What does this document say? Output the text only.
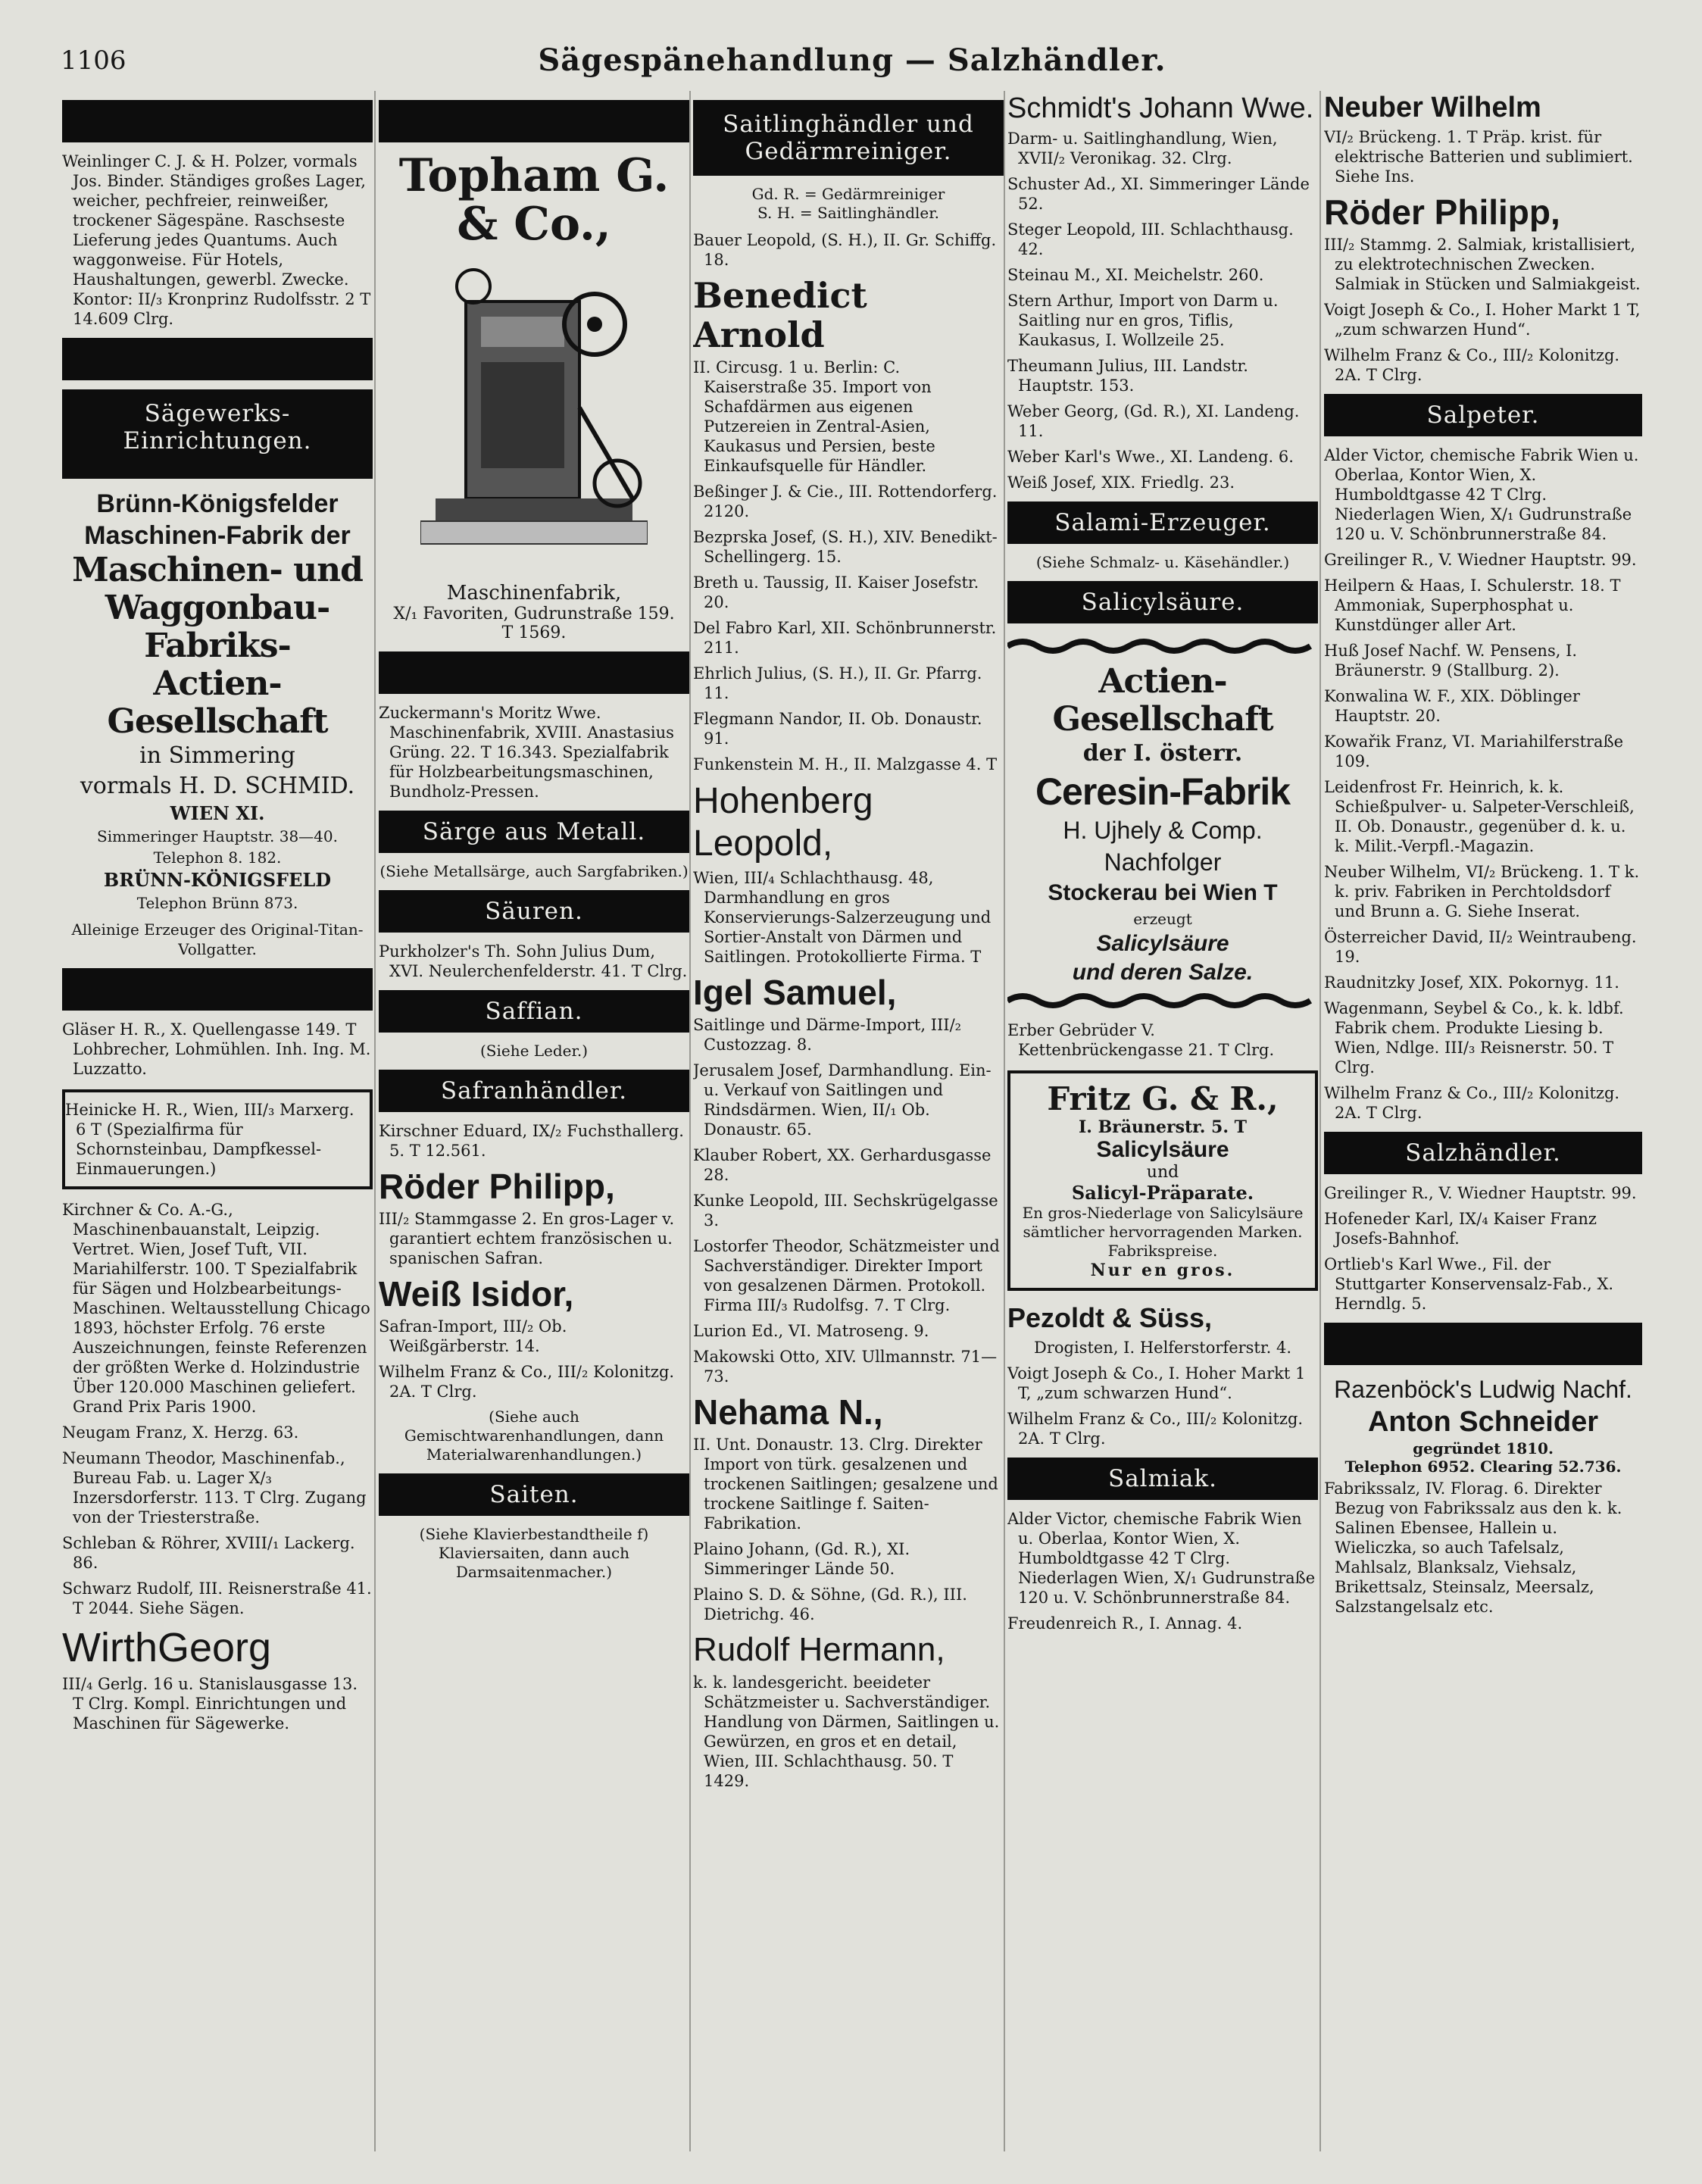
1106	Sägespänehandlung — Salzhändler.
Weinlinger C. J. & H. Polzer, vormals Jos. Binder. Ständiges großes Lager, weicher, pechfreier, reinweißer, trockener Sägespäne. Raschseste Lieferung jedes Quantums. Auch waggonweise. Für Hotels, Haushaltungen, gewerbl. Zwecke. Kontor: II/₃ Kronprinz Rudolfsstr. 2 T 14.609 Clrg.
Sägewerks-
Einrichtungen.
Brünn-Königsfelder
Maschinen-Fabrik der
Maschinen- und
Waggonbau-Fabriks-
Actien-Gesellschaft
in Simmering
vormals H. D. SCHMID.
WIEN XI.
Simmeringer Hauptstr. 38—40.
Telephon 8. 182.
BRÜNN-KÖNIGSFELD
Telephon Brünn 873.
Alleinige Erzeuger des Original-Titan-Vollgatter.
Gläser H. R., X. Quellengasse 149. T Lohbrecher, Lohmühlen. Inh. Ing. M. Luzzatto.
Heinicke H. R., Wien, III/₃ Marxerg. 6 T (Spezialfirma für Schornsteinbau, Dampfkessel-Einmauerungen.)
Kirchner & Co. A.-G., Maschinenbauanstalt, Leipzig. Vertret. Wien, Josef Tuft, VII. Mariahilferstr. 100. T Spezialfabrik für Sägen und Holzbearbeitungs-Maschinen. Weltausstellung Chicago 1893, höchster Erfolg. 76 erste Auszeichnungen, feinste Referenzen der größten Werke d. Holzindustrie Über 120.000 Maschinen geliefert. Grand Prix Paris 1900.
Neugam Franz, X. Herzg. 63.
Neumann Theodor, Maschinenfab., Bureau Fab. u. Lager X/₃ Inzersdorferstr. 113. T Clrg. Zugang von der Triesterstraße.
Schleban & Röhrer, XVIII/₁ Lackerg. 86.
Schwarz Rudolf, III. Reisnerstraße 41. T 2044. Siehe Sägen.
WirthGeorg
III/₄ Gerlg. 16 u. Stanislausgasse 13. T Clrg. Kompl. Einrichtungen und Maschinen für Sägewerke.
Topham G.
& Co.,
Maschinenfabrik,
X/₁ Favoriten, Gudrunstraße 159.
T 1569.
Zuckermann's Moritz Wwe. Maschinenfabrik, XVIII. Anastasius Grüng. 22. T 16.343. Spezialfabrik für Holzbearbeitungsmaschinen, Bundholz-Pressen.
Särge aus Metall.
(Siehe Metallsärge, auch Sargfabriken.)
Säuren.
Purkholzer's Th. Sohn Julius Dum, XVI. Neulerchenfelderstr. 41. T Clrg.
Saffian.
(Siehe Leder.)
Safranhändler.
Kirschner Eduard, IX/₂ Fuchsthallerg. 5. T 12.561.
Röder Philipp,
III/₂ Stammgasse 2. En gros-Lager v. garantiert echtem französischen u. spanischen Safran.
Weiß Isidor,
Safran-Import, III/₂ Ob. Weißgärberstr. 14.
Wilhelm Franz & Co., III/₂ Kolonitzg. 2A. T Clrg.
(Siehe auch Gemischtwarenhandlungen, dann Materialwarenhandlungen.)
Saiten.
(Siehe Klavierbestandtheile f) Klaviersaiten, dann auch Darmsaitenmacher.)
Saitlinghändler und
Gedärmreiniger.
Gd. R. = Gedärmreiniger
S. H. = Saitlinghändler.
Bauer Leopold, (S. H.), II. Gr. Schiffg. 18.
Benedict Arnold
II. Circusg. 1 u. Berlin: C. Kaiserstraße 35. Import von Schafdärmen aus eigenen Putzereien in Zentral-Asien, Kaukasus und Persien, beste Einkaufsquelle für Händler.
Beßinger J. & Cie., III. Rottendorferg. 2120.
Bezprska Josef, (S. H.), XIV. Benedikt-Schellingerg. 15.
Breth u. Taussig, II. Kaiser Josefstr. 20.
Del Fabro Karl, XII. Schönbrunnerstr. 211.
Ehrlich Julius, (S. H.), II. Gr. Pfarrg. 11.
Flegmann Nandor, II. Ob. Donaustr. 91.
Funkenstein M. H., II. Malzgasse 4. T
Hohenberg Leopold,
Wien, III/₄ Schlachthausg. 48, Darmhandlung en gros Konservierungs-Salzerzeugung und Sortier-Anstalt von Därmen und Saitlingen. Protokollierte Firma. T
Igel Samuel,
Saitlinge und Därme-Import, III/₂ Custozzag. 8.
Jerusalem Josef, Darmhandlung. Ein- u. Verkauf von Saitlingen und Rindsdärmen. Wien, II/₁ Ob. Donaustr. 65.
Klauber Robert, XX. Gerhardusgasse 28.
Kunke Leopold, III. Sechskrügelgasse 3.
Lostorfer Theodor, Schätzmeister und Sachverständiger. Direkter Import von gesalzenen Därmen. Protokoll. Firma III/₃ Rudolfsg. 7. T Clrg.
Lurion Ed., VI. Matroseng. 9.
Makowski Otto, XIV. Ullmannstr. 71—73.
Nehama N.,
II. Unt. Donaustr. 13. Clrg. Direkter Import von türk. gesalzenen und trockenen Saitlingen; gesalzene und trockene Saitlinge f. Saiten-Fabrikation.
Plaino Johann, (Gd. R.), XI. Simmeringer Lände 50.
Plaino S. D. & Söhne, (Gd. R.), III. Dietrichg. 46.
Rudolf Hermann,
k. k. landesgericht. beeideter Schätzmeister u. Sachverständiger. Handlung von Därmen, Saitlingen u. Gewürzen, en gros et en detail, Wien, III. Schlachthausg. 50. T 1429.
Schmidt's Johann Wwe.
Darm- u. Saitlinghandlung, Wien, XVII/₂ Veronikag. 32. Clrg.
Schuster Ad., XI. Simmeringer Lände 52.
Steger Leopold, III. Schlachthausg. 42.
Steinau M., XI. Meichelstr. 260.
Stern Arthur, Import von Darm u. Saitling nur en gros, Tiflis, Kaukasus, I. Wollzeile 25.
Theumann Julius, III. Landstr. Hauptstr. 153.
Weber Georg, (Gd. R.), XI. Landeng. 11.
Weber Karl's Wwe., XI. Landeng. 6.
Weiß Josef, XIX. Friedlg. 23.
Salami-Erzeuger.
(Siehe Schmalz- u. Käsehändler.)
Salicylsäure.
Actien-Gesellschaft
der I. österr.
Ceresin-Fabrik
H. Ujhely & Comp. Nachfolger
Stockerau bei Wien T
erzeugt
Salicylsäure
und deren Salze.
Erber Gebrüder V. Kettenbrückengasse 21. T Clrg.
Fritz G. & R.,
I. Bräunerstr. 5. T
Salicylsäure
und
Salicyl-Präparate.
En gros-Niederlage von Salicylsäure sämtlicher hervorragenden Marken. Fabrikspreise.
Nur en gros.
Pezoldt & Süss,
Drogisten, I. Helferstorferstr. 4.
Voigt Joseph & Co., I. Hoher Markt 1 T, „zum schwarzen Hund“.
Wilhelm Franz & Co., III/₂ Kolonitzg. 2A. T Clrg.
Salmiak.
Alder Victor, chemische Fabrik Wien u. Oberlaa, Kontor Wien, X. Humboldtgasse 42 T Clrg. Niederlagen Wien, X/₁ Gudrunstraße 120 u. V. Schönbrunnerstraße 84.
Freudenreich R., I. Annag. 4.
Neuber Wilhelm
VI/₂ Brückeng. 1. T Präp. krist. für elektrische Batterien und sublimiert. Siehe Ins.
Röder Philipp,
III/₂ Stammg. 2. Salmiak, kristallisiert, zu elektrotechnischen Zwecken. Salmiak in Stücken und Salmiakgeist.
Voigt Joseph & Co., I. Hoher Markt 1 T, „zum schwarzen Hund“.
Wilhelm Franz & Co., III/₂ Kolonitzg. 2A. T Clrg.
Salpeter.
Alder Victor, chemische Fabrik Wien u. Oberlaa, Kontor Wien, X. Humboldtgasse 42 T Clrg. Niederlagen Wien, X/₁ Gudrunstraße 120 u. V. Schönbrunnerstraße 84.
Greilinger R., V. Wiedner Hauptstr. 99.
Heilpern & Haas, I. Schulerstr. 18. T Ammoniak, Superphosphat u. Kunstdünger aller Art.
Huß Josef Nachf. W. Pensens, I. Bräunerstr. 9 (Stallburg. 2).
Konwalina W. F., XIX. Döblinger Hauptstr. 20.
Kowařik Franz, VI. Mariahilferstraße 109.
Leidenfrost Fr. Heinrich, k. k. Schießpulver- u. Salpeter-Verschleiß, II. Ob. Donaustr., gegenüber d. k. u. k. Milit.-Verpfl.-Magazin.
Neuber Wilhelm, VI/₂ Brückeng. 1. T k. k. priv. Fabriken in Perchtoldsdorf und Brunn a. G. Siehe Inserat.
Österreicher David, II/₂ Weintraubeng. 19.
Raudnitzky Josef, XIX. Pokornyg. 11.
Wagenmann, Seybel & Co., k. k. ldbf. Fabrik chem. Produkte Liesing b. Wien, Ndlge. III/₃ Reisnerstr. 50. T Clrg.
Wilhelm Franz & Co., III/₂ Kolonitzg. 2A. T Clrg.
Salzhändler.
Greilinger R., V. Wiedner Hauptstr. 99.
Hofeneder Karl, IX/₄ Kaiser Franz Josefs-Bahnhof.
Ortlieb's Karl Wwe., Fil. der Stuttgarter Konservensalz-Fab., X. Herndlg. 5.
Razenböck's Ludwig Nachf.
Anton Schneider
gegründet 1810.
Telephon 6952. Clearing 52.736.
Fabrikssalz, IV. Florag. 6. Direkter Bezug von Fabrikssalz aus den k. k. Salinen Ebensee, Hallein u. Wieliczka, so auch Tafelsalz, Mahlsalz, Blanksalz, Viehsalz, Brikettsalz, Steinsalz, Meersalz, Salzstangelsalz etc.
